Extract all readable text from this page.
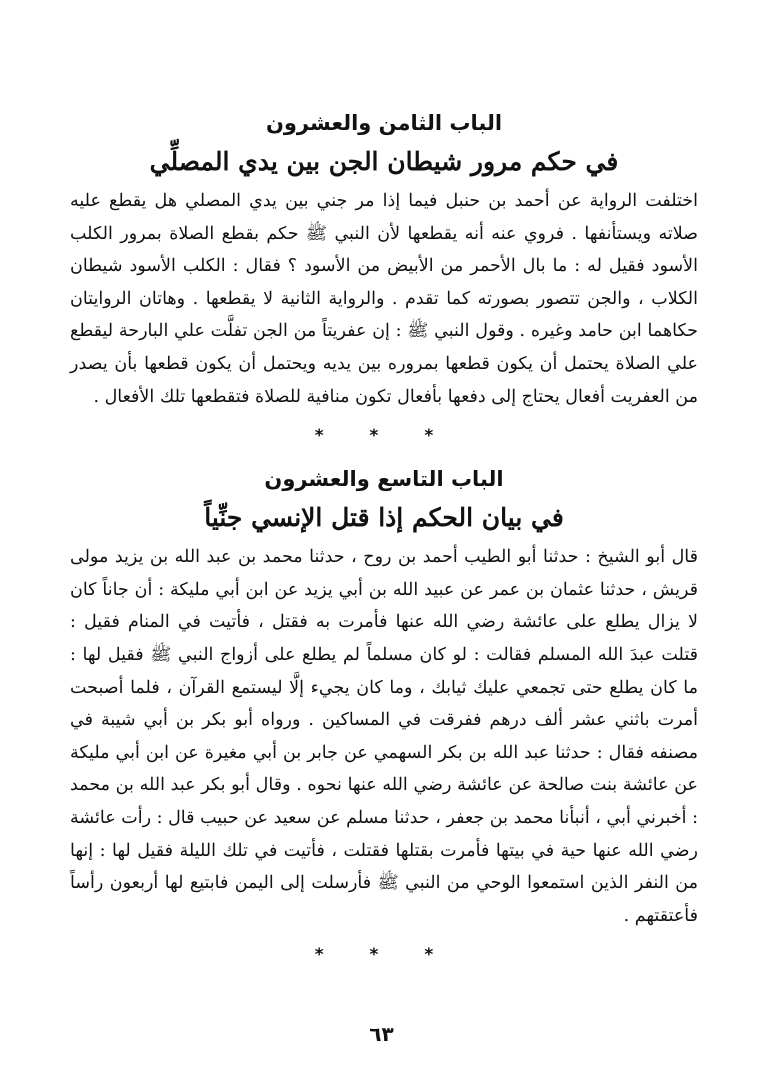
الباب الثامن والعشرون
في حكم مرور شيطان الجن بين يدي المصلِّي

اختلفت الرواية عن أحمد بن حنبل فيما إذا مر جني بين يدي المصلي هل يقطع عليه صلاته ويستأنفها . فروي عنه أنه يقطعها لأن النبي ﷺ حكم بقطع الصلاة بمرور الكلب الأسود فقيل له : ما بال الأحمر من الأبيض من الأسود ؟ فقال : الكلب الأسود شيطان الكلاب ، والجن تتصور بصورته كما تقدم . والرواية الثانية لا يقطعها . وهاتان الروايتان حكاهما ابن حامد وغيره . وقول النبي ﷺ : إن عفريتاً من الجن تفلَّت علي البارحة ليقطع علي الصلاة يحتمل أن يكون قطعها بمروره بين يديه ويحتمل أن يكون قطعها بأن يصدر من العفريت أفعال يحتاج إلى دفعها بأفعال تكون منافية للصلاة فتقطعها تلك الأفعال .

* * *
الباب التاسع والعشرون
في بيان الحكم إذا قتل الإنسي جنِّياً

قال أبو الشيخ : حدثنا أبو الطيب أحمد بن روح ، حدثنا محمد بن عبد الله بن يزيد مولى قريش ، حدثنا عثمان بن عمر عن عبيد الله بن أبي يزيد عن ابن أبي مليكة : أن جاناً كان لا يزال يطلع على عائشة رضي الله عنها فأمرت به فقتل ، فأتيت في المنام فقيل : قتلت عبدَ الله المسلم فقالت : لو كان مسلماً لم يطلع على أزواج النبي ﷺ فقيل لها : ما كان يطلع حتى تجمعي عليك ثيابك ، وما كان يجيء إلَّا ليستمع القرآن ، فلما أصبحت أمرت باثني عشر ألف درهم ففرقت في المساكين . ورواه أبو بكر بن أبي شيبة في مصنفه فقال : حدثنا عبد الله بن بكر السهمي عن جابر بن أبي مغيرة عن ابن أبي مليكة عن عائشة بنت صالحة عن عائشة رضي الله عنها نحوه . وقال أبو بكر عبد الله بن محمد : أخبرني أبي ، أنبأنا محمد بن جعفر ، حدثنا مسلم عن سعيد عن حبيب قال : رأت عائشة رضي الله عنها حية في بيتها فأمرت بقتلها فقتلت ، فأتيت في تلك الليلة فقيل لها : إنها من النفر الذين استمعوا الوحي من النبي ﷺ فأرسلت إلى اليمن فابتيع لها أربعون رأساً فأعتقتهم .

* * *
٦٣
